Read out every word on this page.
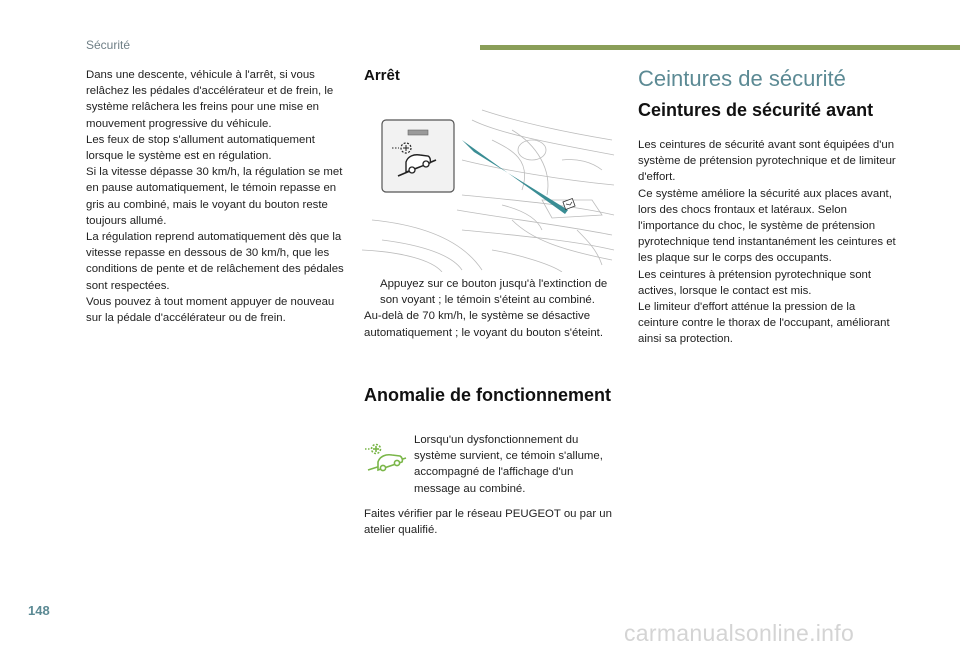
Sécurité

Dans une descente, véhicule à l'arrêt, si vous relâchez les pédales d'accélérateur et de frein, le système relâchera les freins pour une mise en mouvement progressive du véhicule.

Les feux de stop s'allument automatiquement lorsque le système est en régulation.

Si la vitesse dépasse 30 km/h, la régulation se met en pause automatiquement, le témoin repasse en gris au combiné, mais le voyant du bouton reste toujours allumé.

La régulation reprend automatiquement dès que la vitesse repasse en dessous de 30 km/h, que les conditions de pente et de relâchement des pédales sont respectées.

Vous pouvez à tout moment appuyer de nouveau sur la pédale d'accélérateur ou de frein.

Arrêt

Appuyez sur ce bouton jusqu'à l'extinction de son voyant ; le témoin s'éteint au combiné.

Au-delà de 70 km/h, le système se désactive automatiquement ; le voyant du bouton s'éteint.

Anomalie de fonctionnement

Lorsqu'un dysfonctionnement du système survient, ce témoin s'allume, accompagné de l'affichage d'un message au combiné.

Faites vérifier par le réseau PEUGEOT ou par un atelier qualifié.

Ceintures de sécurité
Ceintures de sécurité avant

Les ceintures de sécurité avant sont équipées d'un système de prétension pyrotechnique et de limiteur d'effort.

Ce système améliore la sécurité aux places avant, lors des chocs frontaux et latéraux. Selon l'importance du choc, le système de prétension pyrotechnique tend instantanément les ceintures et les plaque sur le corps des occupants.

Les ceintures à prétension pyrotechnique sont actives, lorsque le contact est mis.

Le limiteur d'effort atténue la pression de la ceinture contre le thorax de l'occupant, améliorant ainsi sa protection.

148
carmanualsonline.info
